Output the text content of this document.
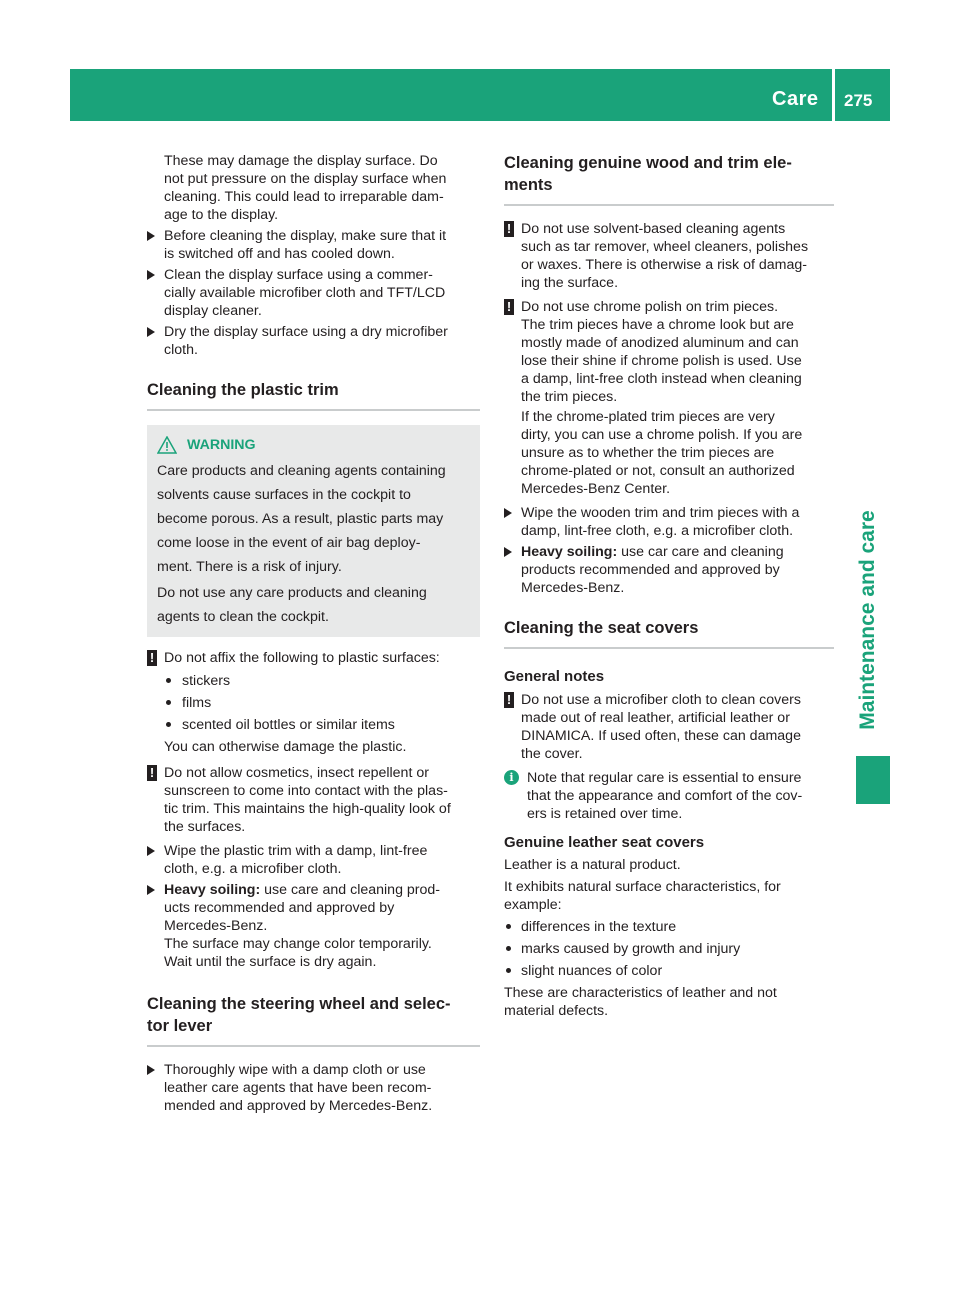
Care 275
Maintenance and care

These may damage the display surface. Do
not put pressure on the display surface when
cleaning. This could lead to irreparable dam-
age to the display.

Before cleaning the display, make sure that it
is switched off and has cooled down.
Clean the display surface using a commer-
cially available microfiber cloth and TFT/LCD
display cleaner.
Dry the display surface using a dry microfiber
cloth.
Cleaning the plastic trim
WARNING

Care products and cleaning agents containing
solvents cause surfaces in the cockpit to
become porous. As a result, plastic parts may
come loose in the event of air bag deploy-
ment. There is a risk of injury.

Do not use any care products and cleaning
agents to clean the cockpit.

! Do not affix the following to plastic surfaces:
stickers
films
scented oil bottles or similar items

You can otherwise damage the plastic.

! Do not allow cosmetics, insect repellent or
sunscreen to come into contact with the plas-
tic trim. This maintains the high-quality look of
the surfaces.
Wipe the plastic trim with a damp, lint-free
cloth, e.g. a microfiber cloth.
Heavy soiling: use care and cleaning prod-
ucts recommended and approved by
Mercedes-Benz.
The surface may change color temporarily.
Wait until the surface is dry again.
Cleaning the steering wheel and selec-
tor lever
Thoroughly wipe with a damp cloth or use
leather care agents that have been recom-
mended and approved by Mercedes-Benz.
Cleaning genuine wood and trim ele-
ments
! Do not use solvent-based cleaning agents
such as tar remover, wheel cleaners, polishes
or waxes. There is otherwise a risk of damag-
ing the surface.
! Do not use chrome polish on trim pieces.
The trim pieces have a chrome look but are
mostly made of anodized aluminum and can
lose their shine if chrome polish is used. Use
a damp, lint-free cloth instead when cleaning
the trim pieces.

If the chrome-plated trim pieces are very
dirty, you can use a chrome polish. If you are
unsure as to whether the trim pieces are
chrome-plated or not, consult an authorized
Mercedes-Benz Center.

Wipe the wooden trim and trim pieces with a
damp, lint-free cloth, e.g. a microfiber cloth.
Heavy soiling: use car care and cleaning
products recommended and approved by
Mercedes-Benz.
Cleaning the seat covers
General notes
! Do not use a microfiber cloth to clean covers
made out of real leather, artificial leather or
DINAMICA. If used often, these can damage
the cover.
i Note that regular care is essential to ensure
that the appearance and comfort of the cov-
ers is retained over time.
Genuine leather seat covers

Leather is a natural product.

It exhibits natural surface characteristics, for
example:

differences in the texture
marks caused by growth and injury
slight nuances of color

These are characteristics of leather and not
material defects.
